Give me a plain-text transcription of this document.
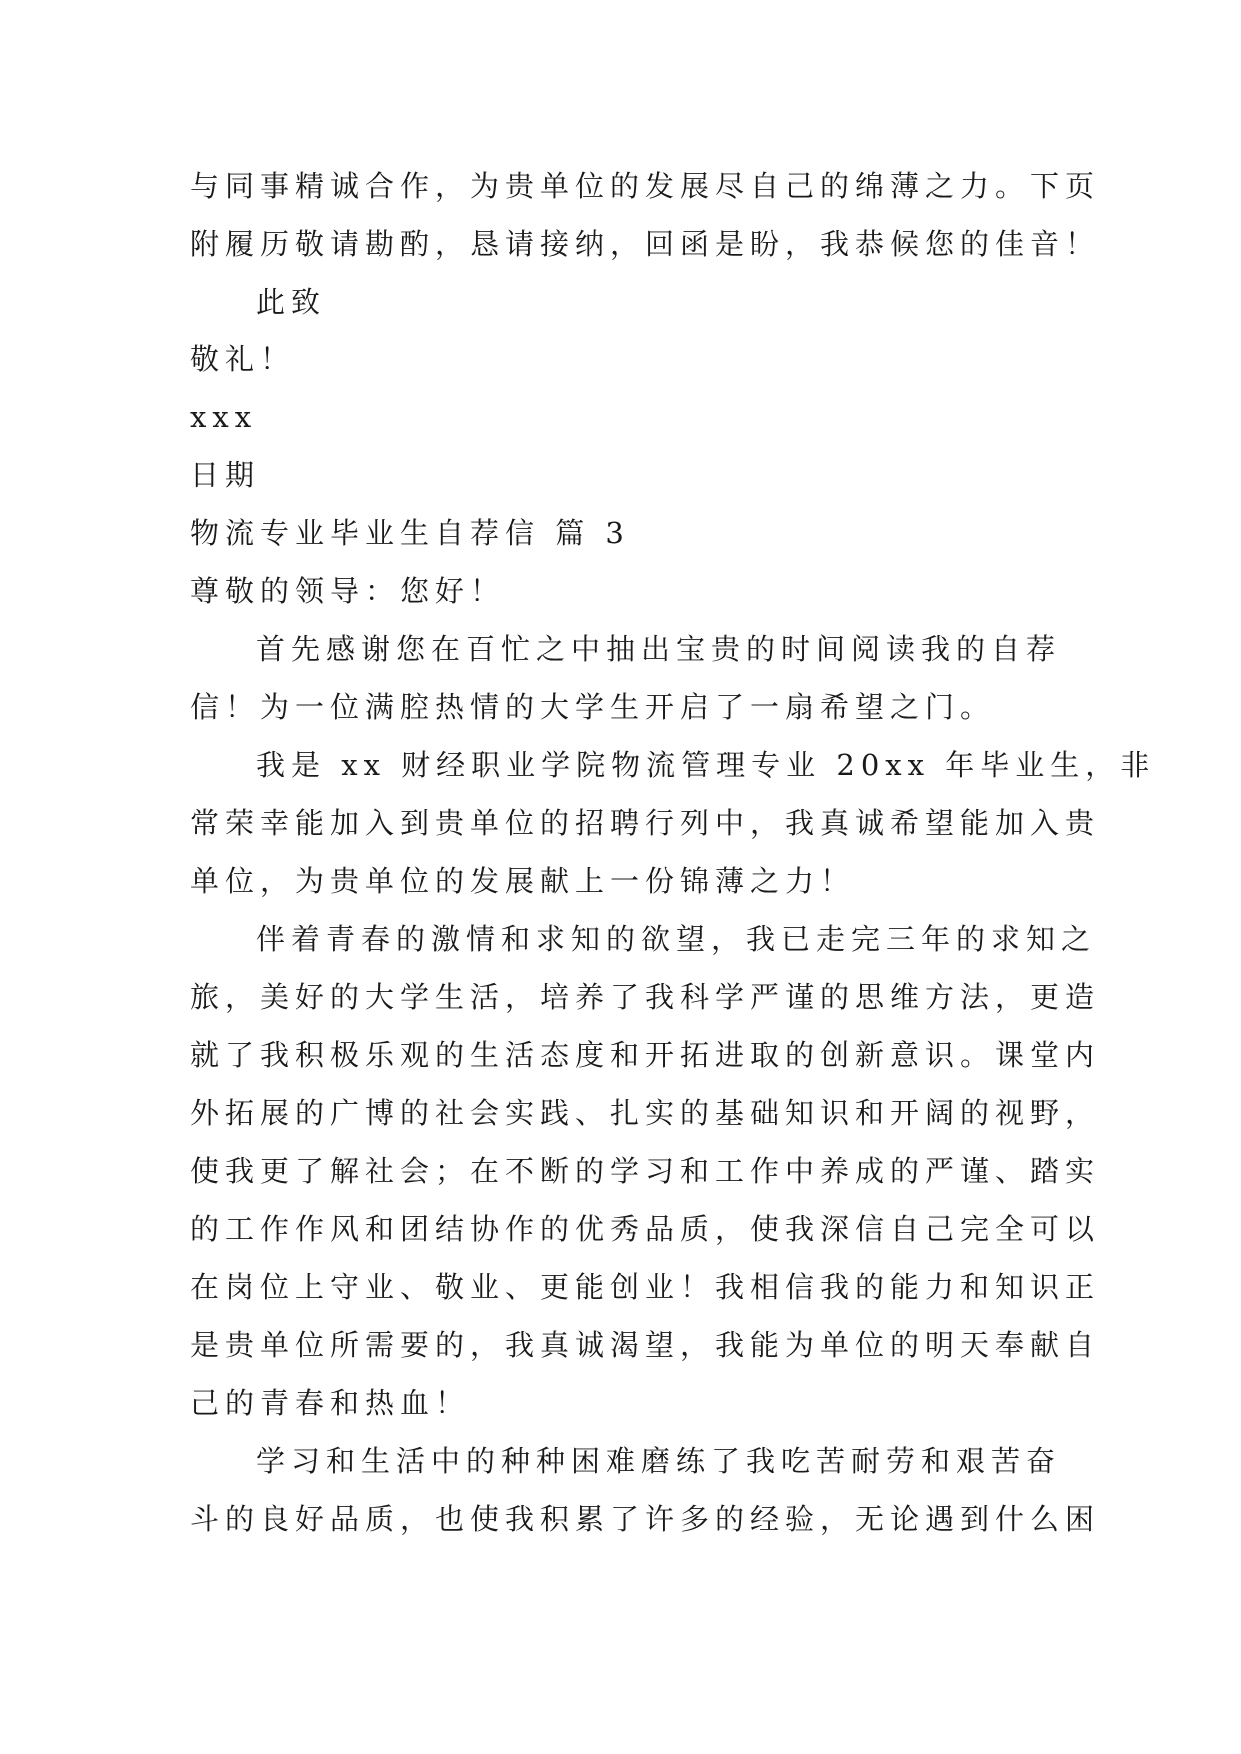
与同事精诚合作，为贵单位的发展尽自己的绵薄之力。下页
附履历敬请勘酌，恳请接纳，回函是盼，我恭候您的佳音！
此致
敬礼！
xxx
日期
物流专业毕业生自荐信 篇 3
尊敬的领导：您好！
首先感谢您在百忙之中抽出宝贵的时间阅读我的自荐
信！为一位满腔热情的大学生开启了一扇希望之门。
我是 xx 财经职业学院物流管理专业 20xx 年毕业生，非
常荣幸能加入到贵单位的招聘行列中，我真诚希望能加入贵
单位，为贵单位的发展献上一份锦薄之力！
伴着青春的激情和求知的欲望，我已走完三年的求知之
旅，美好的大学生活，培养了我科学严谨的思维方法，更造
就了我积极乐观的生活态度和开拓进取的创新意识。课堂内
外拓展的广博的社会实践、扎实的基础知识和开阔的视野，
使我更了解社会；在不断的学习和工作中养成的严谨、踏实
的工作作风和团结协作的优秀品质，使我深信自己完全可以
在岗位上守业、敬业、更能创业！我相信我的能力和知识正
是贵单位所需要的，我真诚渴望，我能为单位的明天奉献自
己的青春和热血！
学习和生活中的种种困难磨练了我吃苦耐劳和艰苦奋
斗的良好品质，也使我积累了许多的经验，无论遇到什么困
